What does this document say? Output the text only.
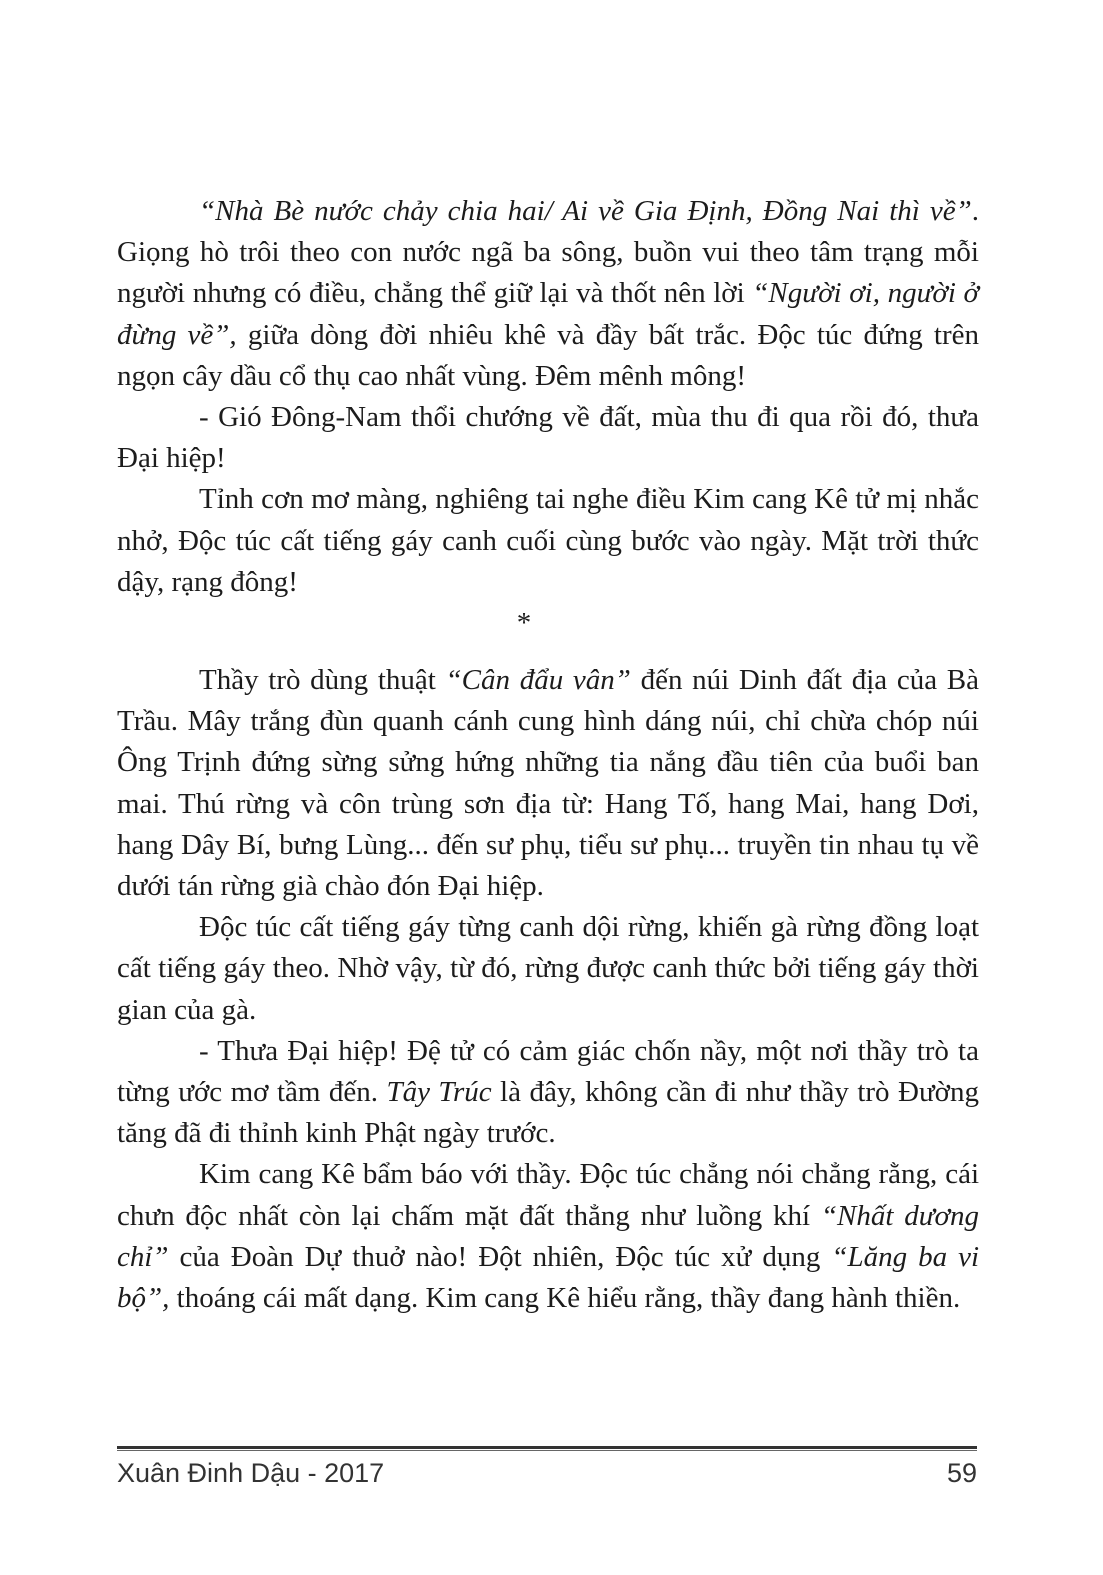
“Nhà Bè nước chảy chia hai/ Ai về Gia Định, Đồng Nai thì về”. Giọng hò trôi theo con nước ngã ba sông, buồn vui theo tâm trạng mỗi người nhưng có điều, chẳng thể giữ lại và thốt nên lời “Người ơi, người ở đừng về”, giữa dòng đời nhiêu khê và đầy bất trắc. Độc túc đứng trên ngọn cây dầu cổ thụ cao nhất vùng. Đêm mênh mông!

- Gió Đông-Nam thổi chướng về đất, mùa thu đi qua rồi đó, thưa Đại hiệp!

Tỉnh cơn mơ màng, nghiêng tai nghe điều Kim cang Kê tử mị nhắc nhở, Độc túc cất tiếng gáy canh cuối cùng bước vào ngày. Mặt trời thức dậy, rạng đông!

*

Thầy trò dùng thuật “Cân đẩu vân” đến núi Dinh đất địa của Bà Trầu. Mây trắng đùn quanh cánh cung hình dáng núi, chỉ chừa chóp núi Ông Trịnh đứng sừng sửng hứng những tia nắng đầu tiên của buổi ban mai. Thú rừng và côn trùng sơn địa từ: Hang Tố, hang Mai, hang Dơi, hang Dây Bí, bưng Lùng... đến sư phụ, tiểu sư phụ... truyền tin nhau tụ về dưới tán rừng già chào đón Đại hiệp.

Độc túc cất tiếng gáy từng canh dội rừng, khiến gà rừng đồng loạt cất tiếng gáy theo. Nhờ vậy, từ đó, rừng được canh thức bởi tiếng gáy thời gian của gà.

- Thưa Đại hiệp! Đệ tử có cảm giác chốn nầy, một nơi thầy trò ta từng ước mơ tầm đến. Tây Trúc là đây, không cần đi như thầy trò Đường tăng đã đi thỉnh kinh Phật ngày trước.

Kim cang Kê bẩm báo với thầy. Độc túc chẳng nói chẳng rằng, cái chưn độc nhất còn lại chấm mặt đất thẳng như luồng khí “Nhất dương chỉ” của Đoàn Dự thuở nào! Đột nhiên, Độc túc xử dụng “Lăng ba vi bộ”, thoáng cái mất dạng. Kim cang Kê hiểu rằng, thầy đang hành thiền.

Xuân Đinh Dậu - 2017	59
